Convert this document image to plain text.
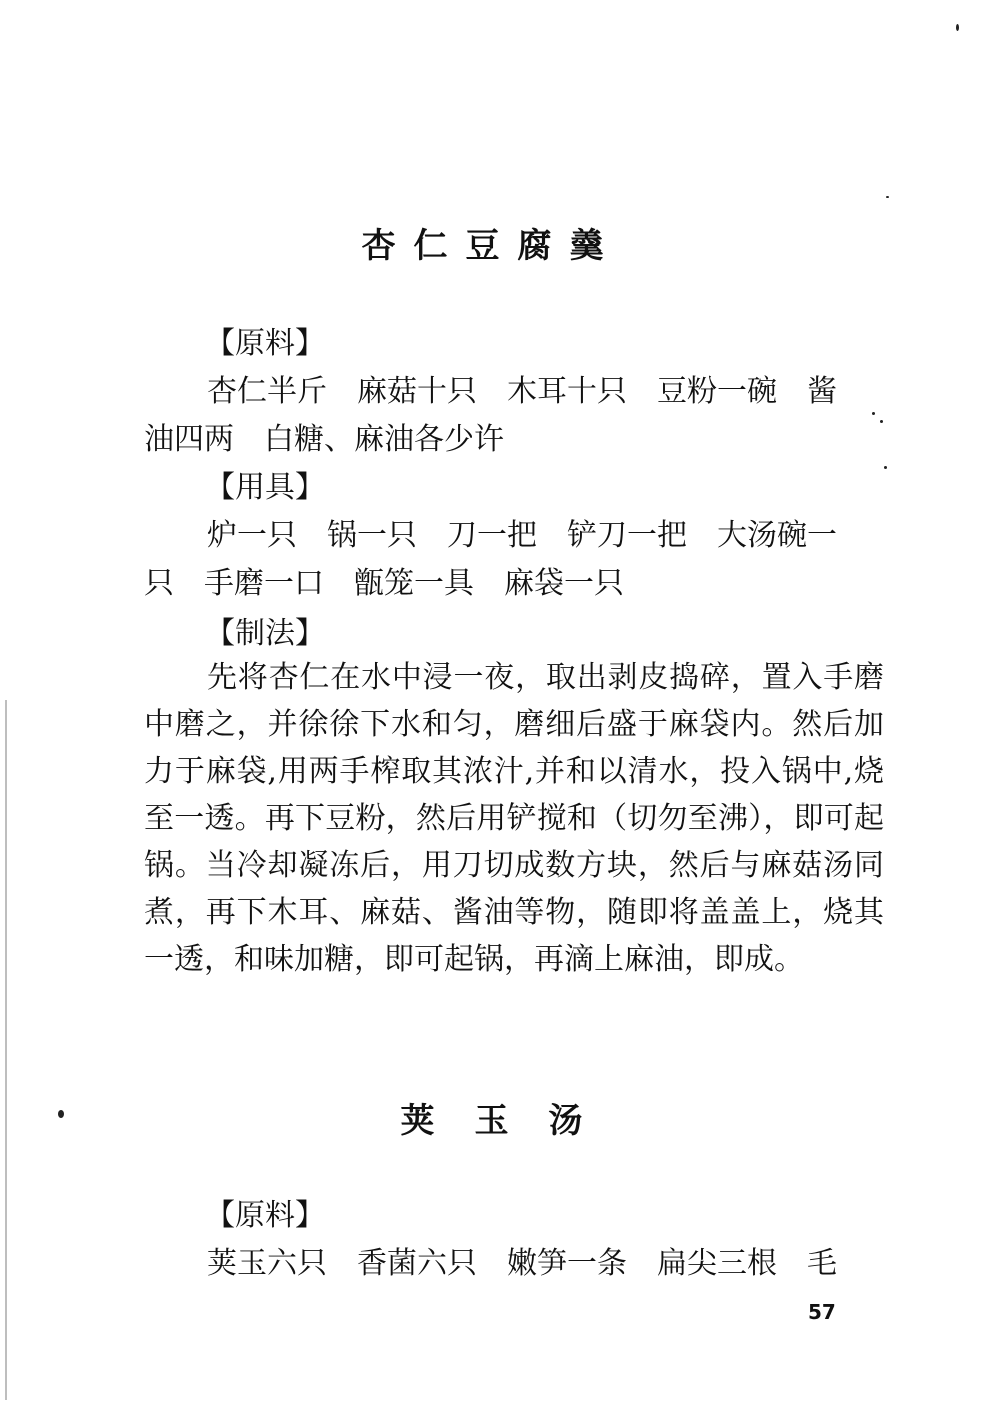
杏仁豆腐羹
【原料】
杏仁半斤　麻菇十只　木耳十只　豆粉一碗　酱
油四两　白糖、麻油各少许
【用具】
炉一只　锅一只　刀一把　铲刀一把　大汤碗一
只　手磨一口　甑笼一具　麻袋一只
【制法】
先将杏仁在水中浸一夜，取出剥皮捣碎，置入手磨中磨之，并徐徐下水和匀，磨细后盛于麻袋内。然后加力于麻袋,用两手榨取其浓汁,并和以清水，投入锅中,烧至一透。再下豆粉，然后用铲搅和（切勿至沸），即可起锅。当冷却凝冻后，用刀切成数方块，然后与麻菇汤同煮，再下木耳、麻菇、酱油等物，随即将盖盖上，烧其一透，和味加糖，即可起锅，再滴上麻油，即成。
荚玉汤
【原料】
荚玉六只　香菌六只　嫩笋一条　扁尖三根　毛
57
